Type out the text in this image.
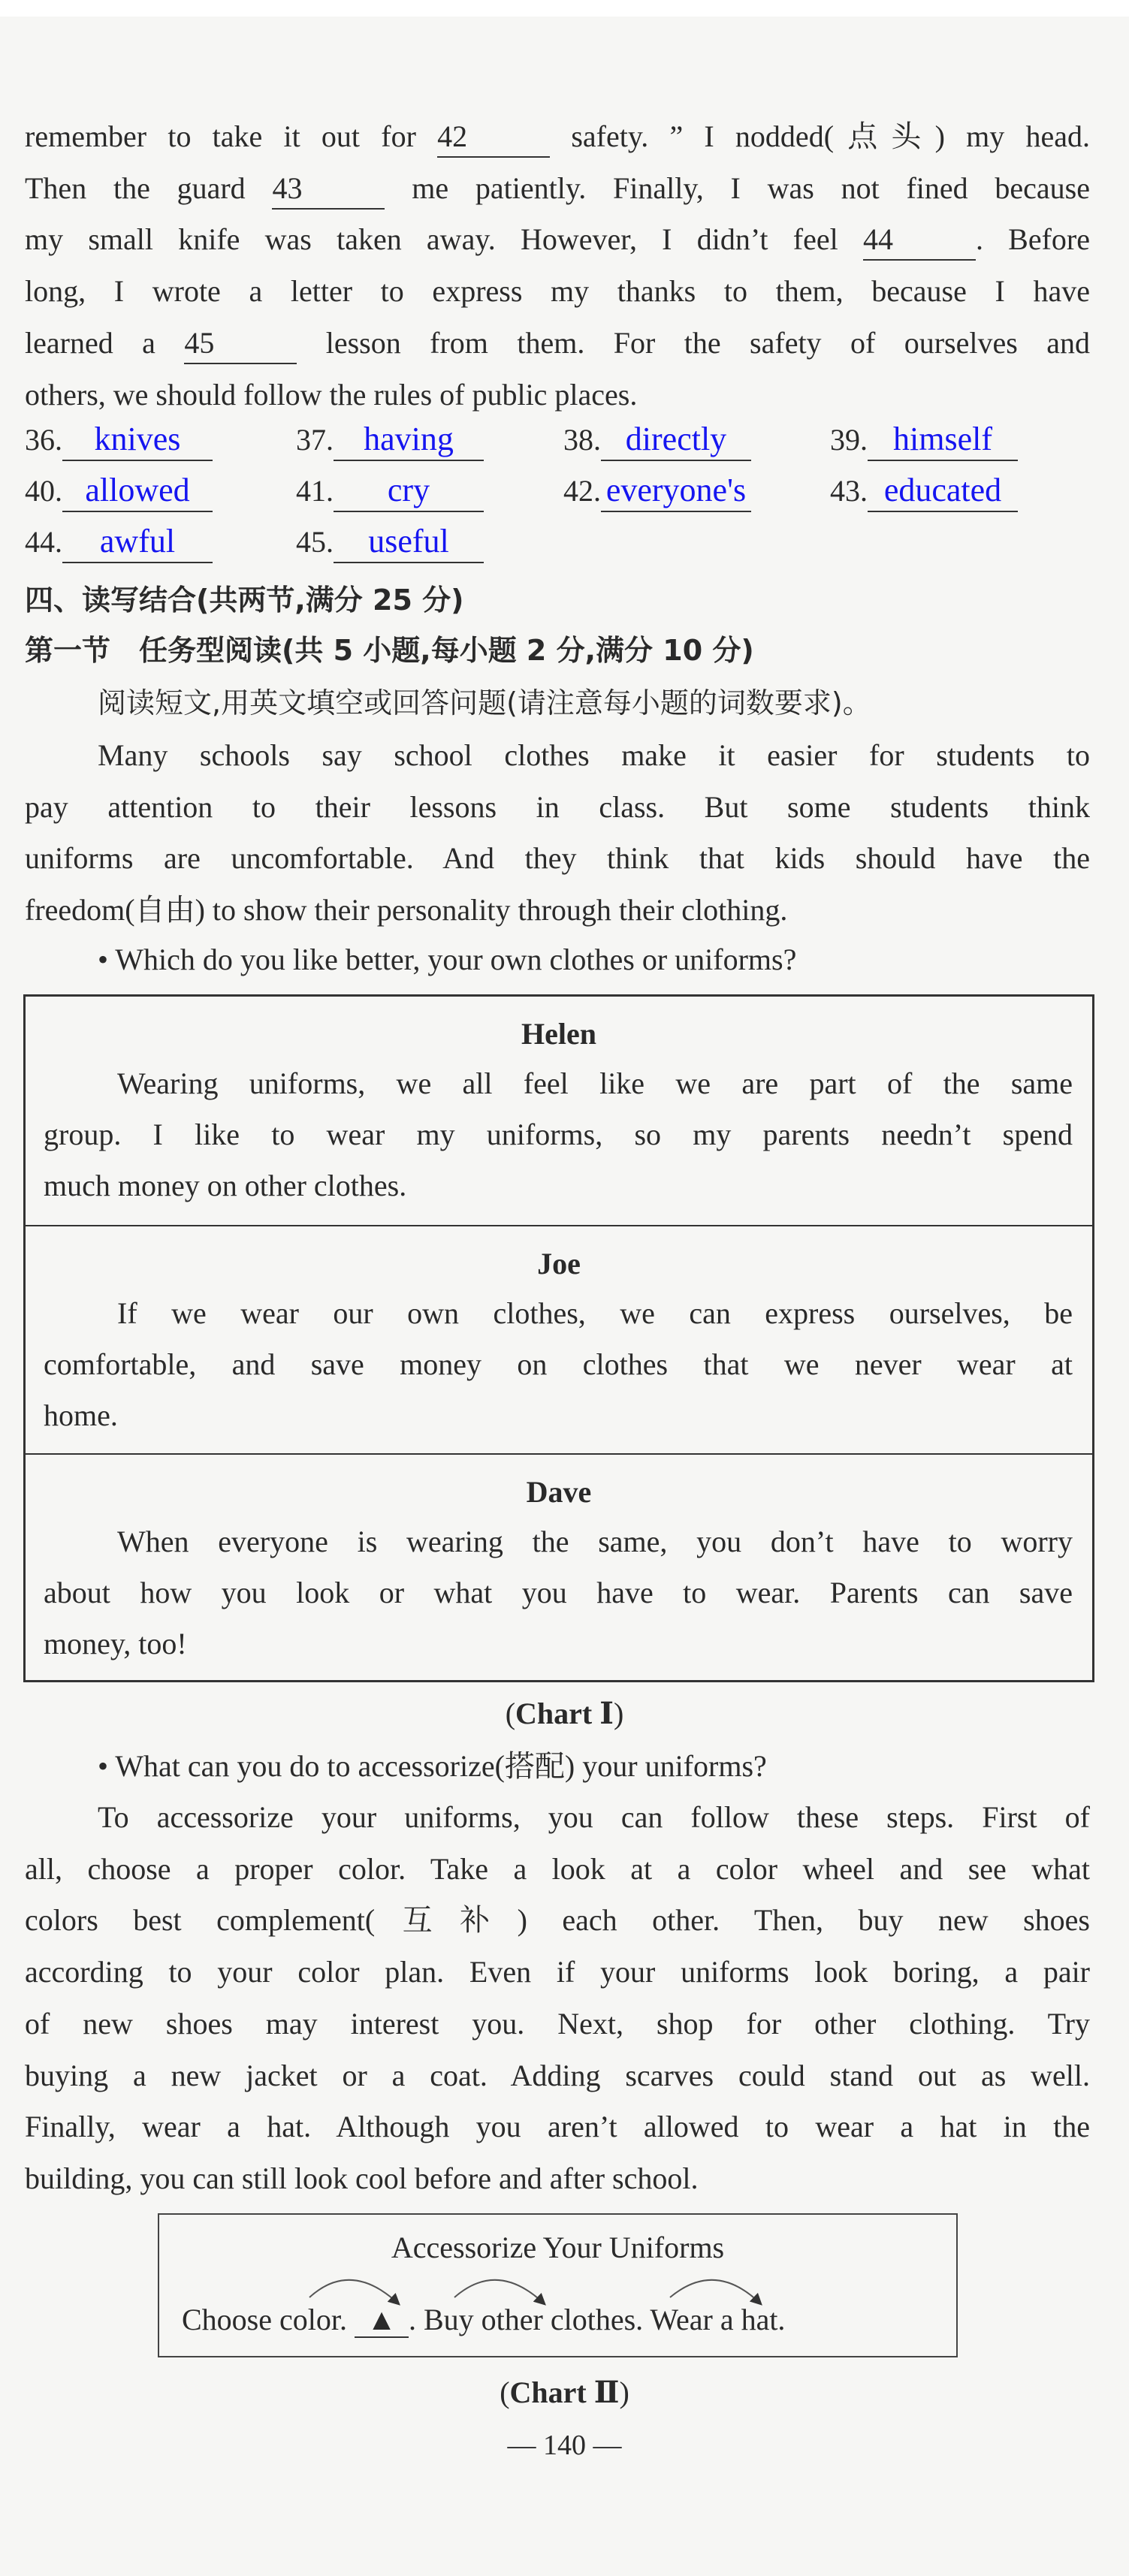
remember to take it out for 42	safety. ” I nodded(点头) my head.
Then the guard 43	me patiently. Finally, I was not fined because
my small knife was taken away. However, I didn’t feel 44	. Before
long, I wrote a letter to express my thanks to them, because I have
learned a 45	lesson from them. For the safety of ourselves and
others, we should follow the rules of public places.
36. knives	37. having	38. directly	39. himself
40. allowed	41. cry	42. everyone's	43. educated
44. awful	45. useful
四、读写结合(共两节,满分 25 分)
第一节　任务型阅读(共 5 小题,每小题 2 分,满分 10 分)
阅读短文,用英文填空或回答问题(请注意每小题的词数要求)。
Many schools say school clothes make it easier for students to
pay attention to their lessons in class. But some students think
uniforms are uncomfortable. And they think that kids should have the
freedom(自由) to show their personality through their clothing.
• Which do you like better, your own clothes or uniforms?
Helen
Wearing uniforms, we all feel like we are part of the same
group. I like to wear my uniforms, so my parents needn’t spend
much money on other clothes.
Joe
If we wear our own clothes, we can express ourselves, be
comfortable, and save money on clothes that we never wear at
home.
Dave
When everyone is wearing the same, you don’t have to worry
about how you look or what you have to wear. Parents can save
money, too!
(Chart Ⅰ)
• What can you do to accessorize(搭配) your uniforms?
To accessorize your uniforms, you can follow these steps. First of
all, choose a proper color. Take a look at a color wheel and see what
colors best complement(互补) each other. Then, buy new shoes
according to your color plan. Even if your uniforms look boring, a pair
of new shoes may interest you. Next, shop for other clothing. Try
buying a new jacket or a coat. Adding scarves could stand out as well.
Finally, wear a hat. Although you aren’t allowed to wear a hat in the
building, you can still look cool before and after school.
Accessorize Your Uniforms
Choose color. ▲ . Buy other clothes. Wear a hat.
(Chart Ⅱ)
— 140 —
